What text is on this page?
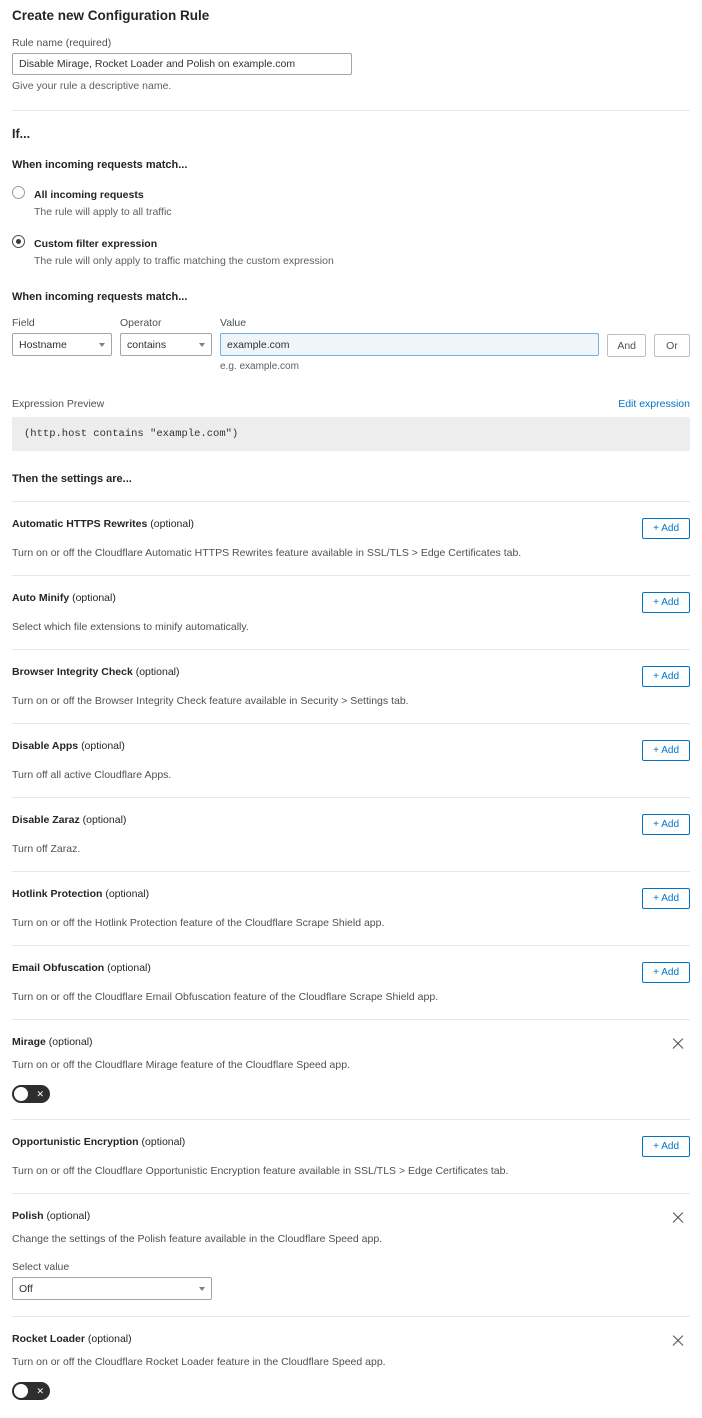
Create new Configuration Rule
Rule name (required)
Disable Mirage, Rocket Loader and Polish on example.com
Give your rule a descriptive name.
If...
When incoming requests match...
All incoming requests
The rule will apply to all traffic
Custom filter expression
The rule will only apply to traffic matching the custom expression
When incoming requests match...
Field
Hostname
Operator
contains
Value
example.com
e.g. example.com
And	Or
Expression Preview	Edit expression
(http.host contains "example.com")
Then the settings are...
Automatic HTTPS Rewrites (optional)	+ Add
Turn on or off the Cloudflare Automatic HTTPS Rewrites feature available in SSL/TLS > Edge Certificates tab.
Auto Minify (optional)	+ Add
Select which file extensions to minify automatically.
Browser Integrity Check (optional)	+ Add
Turn on or off the Browser Integrity Check feature available in Security > Settings tab.
Disable Apps (optional)	+ Add
Turn off all active Cloudflare Apps.
Disable Zaraz (optional)	+ Add
Turn off Zaraz.
Hotlink Protection (optional)	+ Add
Turn on or off the Hotlink Protection feature of the Cloudflare Scrape Shield app.
Email Obfuscation (optional)	+ Add
Turn on or off the Cloudflare Email Obfuscation feature of the Cloudflare Scrape Shield app.
Mirage (optional)
Turn on or off the Cloudflare Mirage feature of the Cloudflare Speed app.
✕
Opportunistic Encryption (optional)	+ Add
Turn on or off the Cloudflare Opportunistic Encryption feature available in SSL/TLS > Edge Certificates tab.
Polish (optional)
Change the settings of the Polish feature available in the Cloudflare Speed app.
Select value
Off
Rocket Loader (optional)
Turn on or off the Cloudflare Rocket Loader feature in the Cloudflare Speed app.
✕
